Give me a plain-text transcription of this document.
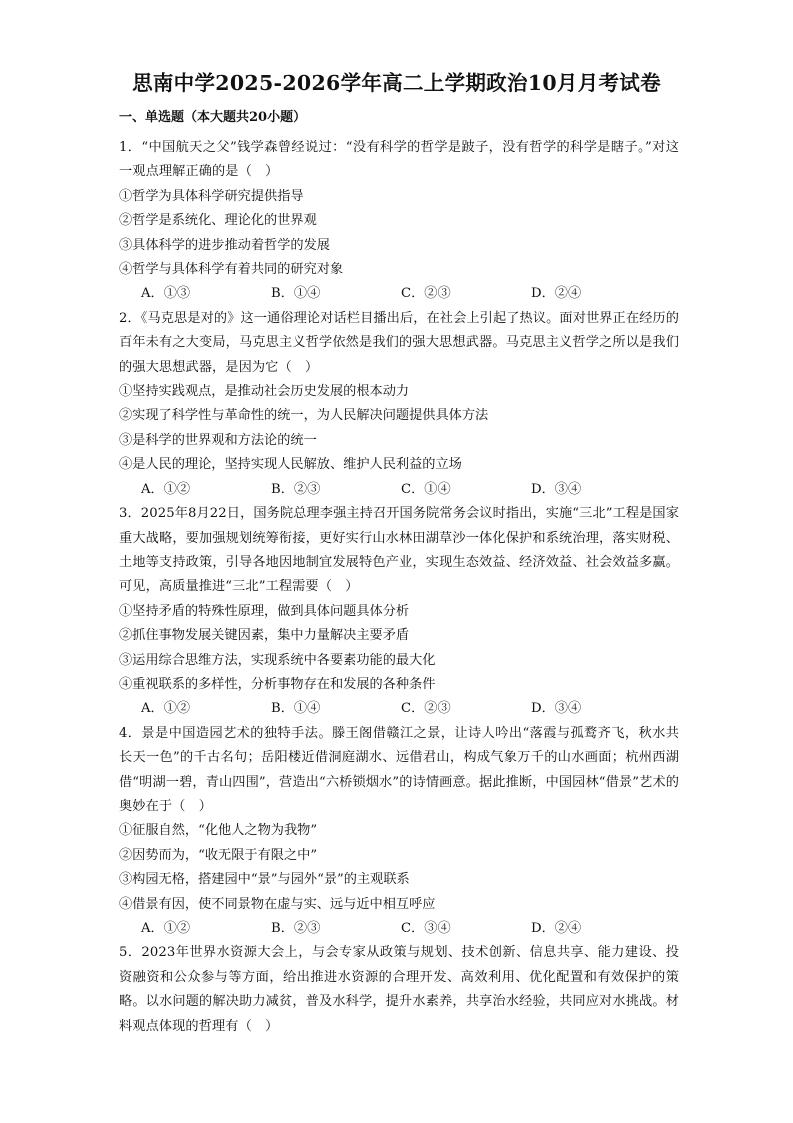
思南中学2025-2026学年高二上学期政治10月月考试卷
一、单选题（本大题共20小题）

1．“中国航天之父”钱学森曾经说过：“没有科学的哲学是跛子，没有哲学的科学是瞎子。”对这一观点理解正确的是（　）

①哲学为具体科学研究提供指导

②哲学是系统化、理论化的世界观

③具体科学的进步推动着哲学的发展

④哲学与具体科学有着共同的研究对象

A．①③	B．①④	C．②③	D．②④

2．《马克思是对的》这一通俗理论对话栏目播出后，在社会上引起了热议。面对世界正在经历的百年未有之大变局，马克思主义哲学依然是我们的强大思想武器。马克思主义哲学之所以是我们的强大思想武器，是因为它（　）

①坚持实践观点，是推动社会历史发展的根本动力

②实现了科学性与革命性的统一，为人民解决问题提供具体方法

③是科学的世界观和方法论的统一

④是人民的理论，坚持实现人民解放、维护人民利益的立场

A．①②	B．②③	C．①④	D．③④

3．2025年8月22日，国务院总理李强主持召开国务院常务会议时指出，实施“三北”工程是国家重大战略，要加强规划统筹衔接，更好实行山水林田湖草沙一体化保护和系统治理，落实财税、土地等支持政策，引导各地因地制宜发展特色产业，实现生态效益、经济效益、社会效益多赢。可见，高质量推进“三北”工程需要（　）

①坚持矛盾的特殊性原理，做到具体问题具体分析

②抓住事物发展关键因素，集中力量解决主要矛盾

③运用综合思维方法，实现系统中各要素功能的最大化

④重视联系的多样性，分析事物存在和发展的各种条件

A．①②	B．①④	C．②③	D．③④

4．景是中国造园艺术的独特手法。滕王阁借赣江之景，让诗人吟出“落霞与孤鹜齐飞，秋水共长天一色”的千古名句；岳阳楼近借洞庭湖水、远借君山，构成气象万千的山水画面；杭州西湖借“明湖一碧，青山四围”，营造出“六桥锁烟水”的诗情画意。据此推断，中国园林“借景”艺术的奥妙在于（　）

①征服自然，“化他人之物为我物”

②因势而为，“收无限于有限之中”

③构园无格，搭建园中“景”与园外“景”的主观联系

④借景有因，使不同景物在虚与实、远与近中相互呼应

A．①②	B．②③	C．③④	D．②④

5．2023年世界水资源大会上，与会专家从政策与规划、技术创新、信息共享、能力建设、投资融资和公众参与等方面，给出推进水资源的合理开发、高效利用、优化配置和有效保护的策略。以水问题的解决助力减贫，普及水科学，提升水素养，共享治水经验，共同应对水挑战。材料观点体现的哲理有（　）
